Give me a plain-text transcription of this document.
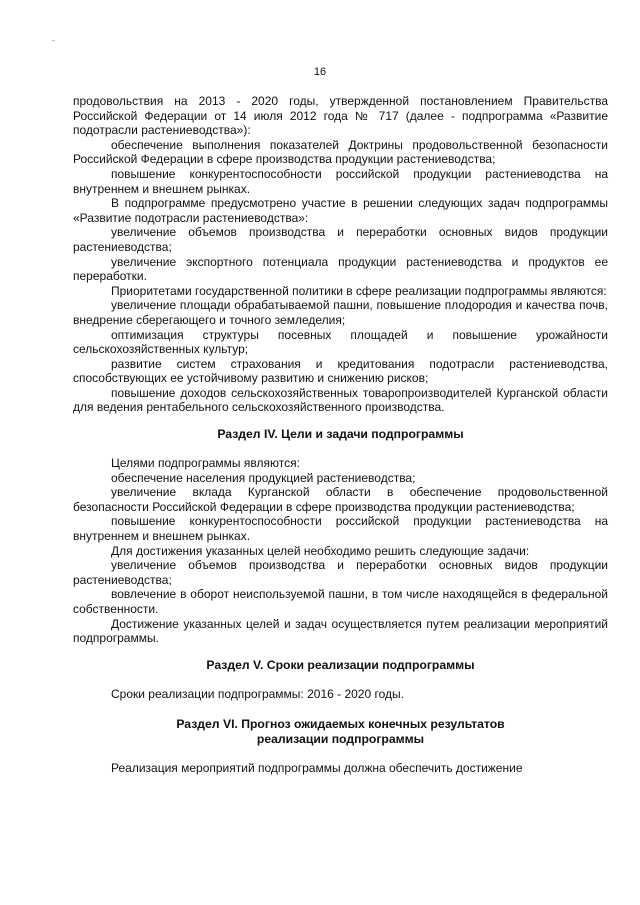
16

продовольствия на 2013 - 2020 годы, утвержденной постановлением Правительства Российской Федерации от 14 июля 2012 года № 717 (далее - подпрограмма «Развитие подотрасли растениеводства»):

обеспечение выполнения показателей Доктрины продовольственной безопасности Российской Федерации в сфере производства продукции растениеводства;

повышение конкурентоспособности российской продукции растениеводства на внутреннем и внешнем рынках.

В подпрограмме предусмотрено участие в решении следующих задач подпрограммы «Развитие подотрасли растениеводства»:

увеличение объемов производства и переработки основных видов продукции растениеводства;

увеличение экспортного потенциала продукции растениеводства и продуктов ее переработки.

Приоритетами государственной политики в сфере реализации подпрограммы являются:

увеличение площади обрабатываемой пашни, повышение плодородия и качества почв, внедрение сберегающего и точного земледелия;

оптимизация структуры посевных площадей и повышение урожайности сельскохозяйственных культур;

развитие систем страхования и кредитования подотрасли растениеводства, способствующих ее устойчивому развитию и снижению рисков;

повышение доходов сельскохозяйственных товаропроизводителей Курганской области для ведения рентабельного сельскохозяйственного производства.

Раздел IV. Цели и задачи подпрограммы

Целями подпрограммы являются:

обеспечение населения продукцией растениеводства;

увеличение вклада Курганской области в обеспечение продовольственной безопасности Российской Федерации в сфере производства продукции растениеводства;

повышение конкурентоспособности российской продукции растениеводства на внутреннем и внешнем рынках.

Для достижения указанных целей необходимо решить следующие задачи:

увеличение объемов производства и переработки основных видов продукции растениеводства;

вовлечение в оборот неиспользуемой пашни, в том числе находящейся в федеральной собственности.

Достижение указанных целей и задач осуществляется путем реализации мероприятий подпрограммы.

Раздел V. Сроки реализации подпрограммы

Сроки реализации подпрограммы: 2016 - 2020 годы.

Раздел VI. Прогноз ожидаемых конечных результатов
реализации подпрограммы

Реализация мероприятий подпрограммы должна обеспечить достижение
